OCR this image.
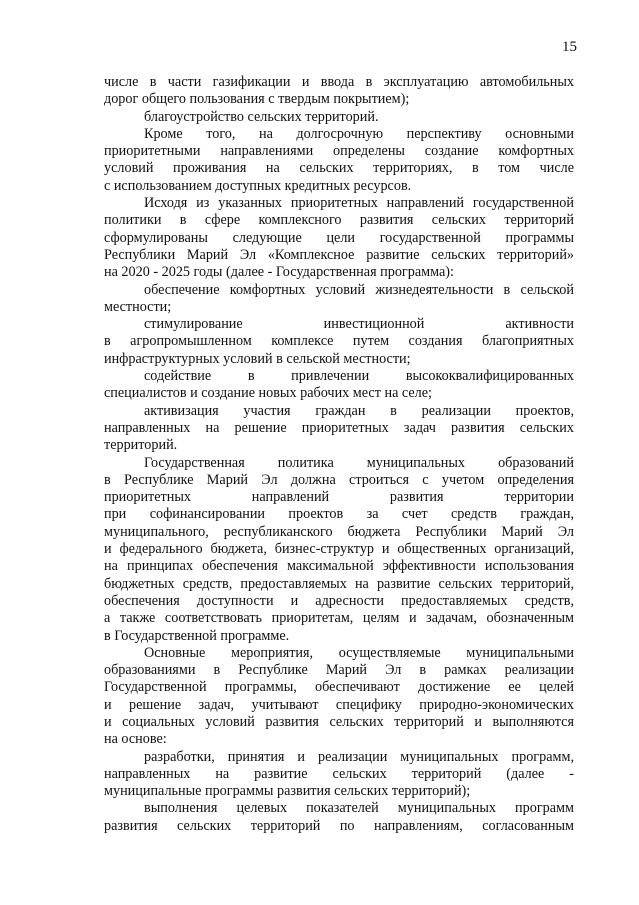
15
числе в части газификации и ввода в эксплуатацию автомобильных
дорог общего пользования с твердым покрытием);
благоустройство сельских территорий.
Кроме того, на долгосрочную перспективу основными
приоритетными направлениями определены создание комфортных
условий проживания на сельских территориях, в том числе
с использованием доступных кредитных ресурсов.
Исходя из указанных приоритетных направлений государственной
политики в сфере комплексного развития сельских территорий
сформулированы следующие цели государственной программы
Республики Марий Эл «Комплексное развитие сельских территорий»
на 2020 - 2025 годы (далее - Государственная программа):
обеспечение комфортных условий жизнедеятельности в сельской
местности;
стимулирование инвестиционной активности
в агропромышленном комплексе путем создания благоприятных
инфраструктурных условий в сельской местности;
содействие в привлечении высококвалифицированных
специалистов и создание новых рабочих мест на селе;
активизация участия граждан в реализации проектов,
направленных на решение приоритетных задач развития сельских
территорий.
Государственная политика муниципальных образований
в Республике Марий Эл должна строиться с учетом определения
приоритетных направлений развития территории
при софинансировании проектов за счет средств граждан,
муниципального, республиканского бюджета Республики Марий Эл
и федерального бюджета, бизнес-структур и общественных организаций,
на принципах обеспечения максимальной эффективности использования
бюджетных средств, предоставляемых на развитие сельских территорий,
обеспечения доступности и адресности предоставляемых средств,
а также соответствовать приоритетам, целям и задачам, обозначенным
в Государственной программе.
Основные мероприятия, осуществляемые муниципальными
образованиями в Республике Марий Эл в рамках реализации
Государственной программы, обеспечивают достижение ее целей
и решение задач, учитывают специфику природно-экономических
и социальных условий развития сельских территорий и выполняются
на основе:
разработки, принятия и реализации муниципальных программ,
направленных на развитие сельских территорий (далее -
муниципальные программы развития сельских территорий);
выполнения целевых показателей муниципальных программ
развития сельских территорий по направлениям, согласованным
